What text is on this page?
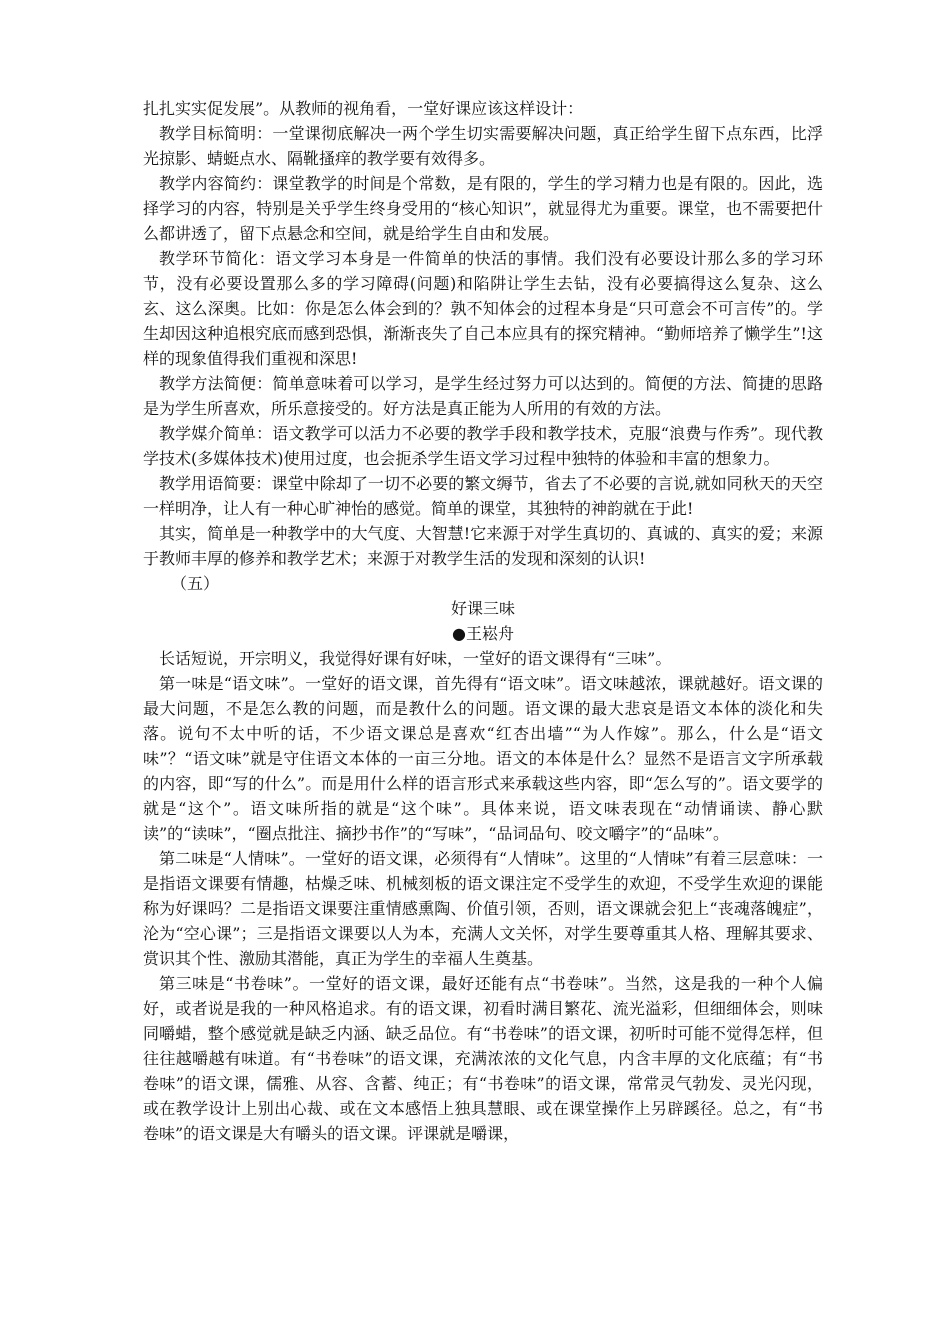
扎扎实实促发展”。从教师的视角看，一堂好课应该这样设计：

教学目标简明：一堂课彻底解决一两个学生切实需要解决问题，真正给学生留下点东西，比浮光掠影、蜻蜓点水、隔靴搔痒的教学要有效得多。

教学内容简约：课堂教学的时间是个常数，是有限的，学生的学习精力也是有限的。因此，选择学习的内容，特别是关乎学生终身受用的“核心知识”，就显得尤为重要。课堂，也不需要把什么都讲透了，留下点悬念和空间，就是给学生自由和发展。

教学环节简化：语文学习本身是一件简单的快活的事情。我们没有必要设计那么多的学习环节，没有必要设置那么多的学习障碍(问题)和陷阱让学生去钻，没有必要搞得这么复杂、这么玄、这么深奥。比如：你是怎么体会到的？孰不知体会的过程本身是“只可意会不可言传”的。学生却因这种追根究底而感到恐惧，渐渐丧失了自己本应具有的探究精神。“勤师培养了懒学生”!这样的现象值得我们重视和深思!

教学方法简便：简单意味着可以学习，是学生经过努力可以达到的。简便的方法、简捷的思路是为学生所喜欢，所乐意接受的。好方法是真正能为人所用的有效的方法。

教学媒介简单：语文教学可以活力不必要的教学手段和教学技术，克服“浪费与作秀”。现代教学技术(多媒体技术)使用过度，也会扼杀学生语文学习过程中独特的体验和丰富的想象力。

教学用语简要：课堂中除却了一切不必要的繁文缛节，省去了不必要的言说,就如同秋天的天空一样明净，让人有一种心旷神怡的感觉。简单的课堂，其独特的神韵就在于此!

其实，简单是一种教学中的大气度、大智慧!它来源于对学生真切的、真诚的、真实的爱；来源于教师丰厚的修养和教学艺术；来源于对教学生活的发现和深刻的认识!

（五）

好课三味

●王崧舟

长话短说，开宗明义，我觉得好课有好味，一堂好的语文课得有“三味”。

第一味是“语文味”。一堂好的语文课，首先得有“语文味”。语文味越浓，课就越好。语文课的最大问题，不是怎么教的问题，而是教什么的问题。语文课的最大悲哀是语文本体的淡化和失落。说句不太中听的话，不少语文课总是喜欢“红杏出墙”“为人作嫁”。那么，什么是“语文味”？“语文味”就是守住语文本体的一亩三分地。语文的本体是什么？显然不是语言文字所承载的内容，即“写的什么”。而是用什么样的语言形式来承载这些内容，即“怎么写的”。语文要学的就是“这个”。语文味所指的就是“这个味”。具体来说，语文味表现在“动情诵读、静心默读”的“读味”，“圈点批注、摘抄书作”的“写味”，“品词品句、咬文嚼字”的“品味”。

第二味是“人情味”。一堂好的语文课，必须得有“人情味”。这里的“人情味”有着三层意味：一是指语文课要有情趣，枯燥乏味、机械刻板的语文课注定不受学生的欢迎，不受学生欢迎的课能称为好课吗？二是指语文课要注重情感熏陶、价值引领，否则，语文课就会犯上“丧魂落魄症”，沦为“空心课”；三是指语文课要以人为本，充满人文关怀，对学生要尊重其人格、理解其要求、赏识其个性、激励其潜能，真正为学生的幸福人生奠基。

第三味是“书卷味”。一堂好的语文课，最好还能有点“书卷味”。当然，这是我的一种个人偏好，或者说是我的一种风格追求。有的语文课，初看时满目繁花、流光溢彩，但细细体会，则味同嚼蜡，整个感觉就是缺乏内涵、缺乏品位。有“书卷味”的语文课，初听时可能不觉得怎样，但往往越嚼越有味道。有“书卷味”的语文课，充满浓浓的文化气息，内含丰厚的文化底蕴；有“书卷味”的语文课，儒雅、从容、含蓄、纯正；有“书卷味”的语文课，常常灵气勃发、灵光闪现，或在教学设计上别出心裁、或在文本感悟上独具慧眼、或在课堂操作上另辟蹊径。总之，有“书卷味”的语文课是大有嚼头的语文课。评课就是嚼课，
